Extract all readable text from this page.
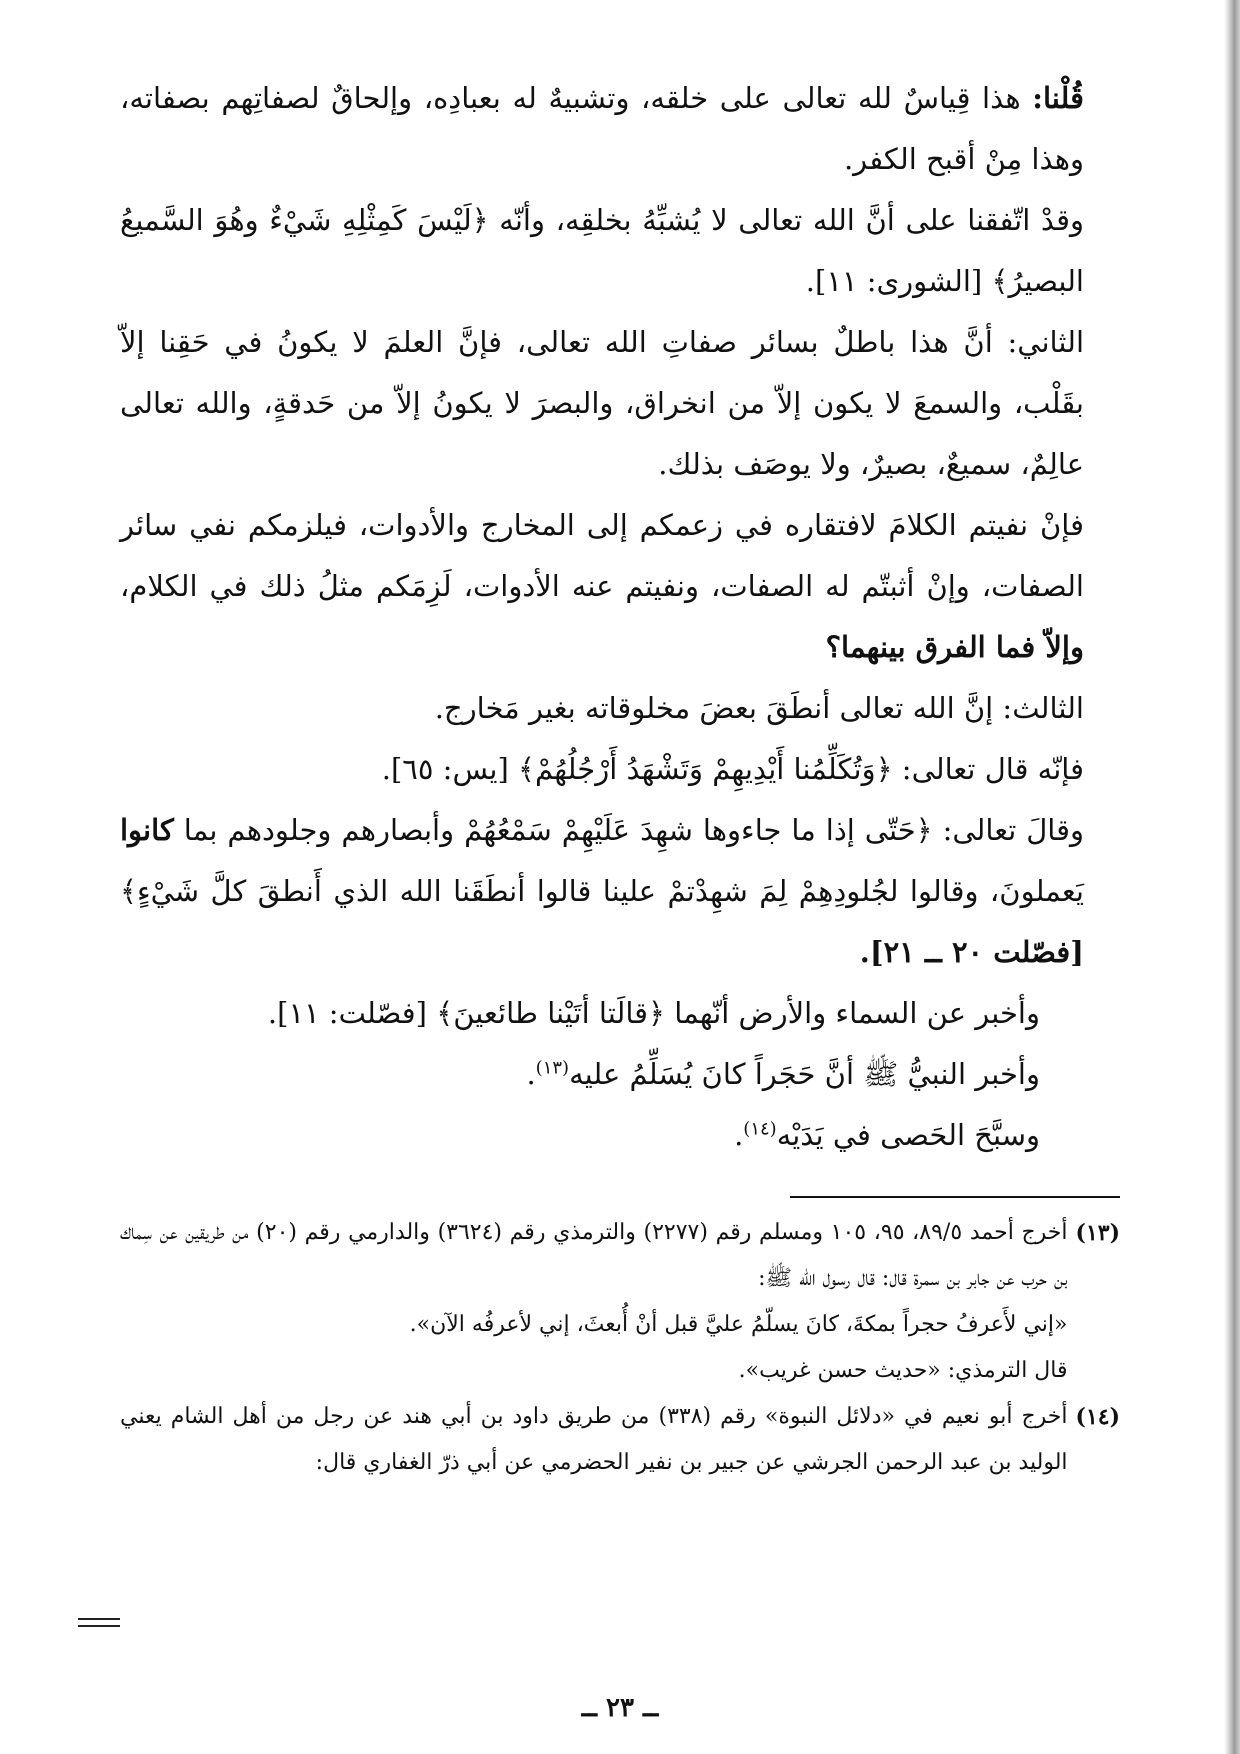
قُلْنا: هذا قِياسٌ لله تعالى على خلقه، وتشبيهٌ له بعبادِه، وإلحاقٌ لصفاتِهم بصفاته، وهذا مِنْ أقبح الكفر.

وقدْ اتّفقنا على أنَّ الله تعالى لا يُشبِّهُ بخلقِه، وأنّه ﴿لَيْسَ كَمِثْلِهِ شَيْءٌ وهُوَ السَّميعُ البصيرُ﴾ [الشورى: ١١].

الثاني: أنَّ هذا باطلٌ بسائر صفاتِ الله تعالى، فإنَّ العلمَ لا يكونُ في حَقِنا إلاّ بقَلْب، والسمعَ لا يكون إلاّ من انخراق، والبصرَ لا يكونُ إلاّ من حَدقةٍ، والله تعالى عالِمٌ، سميعٌ، بصيرٌ، ولا يوصَف بذلك.

فإنْ نفيتم الكلامَ لافتقاره في زعمكم إلى المخارج والأدوات، فيلزمكم نفي سائر الصفات، وإنْ أثبتّم له الصفات، ونفيتم عنه الأدوات، لَزِمَكم مثلُ ذلك في الكلام، وإلاّ فما الفرق بينهما؟

الثالث: إنَّ الله تعالى أنطَقَ بعضَ مخلوقاته بغير مَخارج.

فإنّه قال تعالى: ﴿وَتُكَلِّمُنا أَيْدِيهِمْ وَتَشْهَدُ أَرْجُلُهُمْ﴾ [يس: ٦٥].

وقالَ تعالى: ﴿حَتّى إذا ما جاءوها شهِدَ عَلَيْهِمْ سَمْعُهُمْ وأبصارهم وجلودهم بما كانوا يَعملونَ، وقالوا لجُلودِهِمْ لِمَ شهِدْتمْ علينا قالوا أنطَقَنا الله الذي أَنطقَ كلَّ شَيْءٍ﴾ [فصّلت ٢٠ ــ ٢١].

وأخبر عن السماء والأرض أنّهما ﴿قالَتا أتَيْنا طائعينَ﴾ [فصّلت: ١١].

وأخبر النبيُّ ﷺ أنَّ حَجَراً كانَ يُسَلِّمُ عليه$^{(١٣)}$.

وسبَّحَ الحَصى في يَدَيْه$^{(١٤)}$.

(١٣)

أخرج أحمد ٨٩/٥، ٩٥، ١٠٥ ومسلم رقم (٢٢٧٧) والترمذي رقم (٣٦٢٤) والدارمي رقم (٢٠) من طريقين عن سِماك بن حرب عن جابر بن سمرة قال: قال رسول الله ﷺ:

«إني لأَعرفُ حجراً بمكةَ، كانَ يسلّمُ عليَّ قبل أنْ أُبعثَ، إني لأعرفُه الآن».

قال الترمذي: «حديث حسن غريب».

(١٤)

أخرج أبو نعيم في «دلائل النبوة» رقم (٣٣٨) من طريق داود بن أبي هند عن رجل من أهل الشام يعني الوليد بن عبد الرحمن الجرشي عن جبير بن نفير الحضرمي عن أبي ذرّ الغفاري قال:

ــ ٢٣ ــ
